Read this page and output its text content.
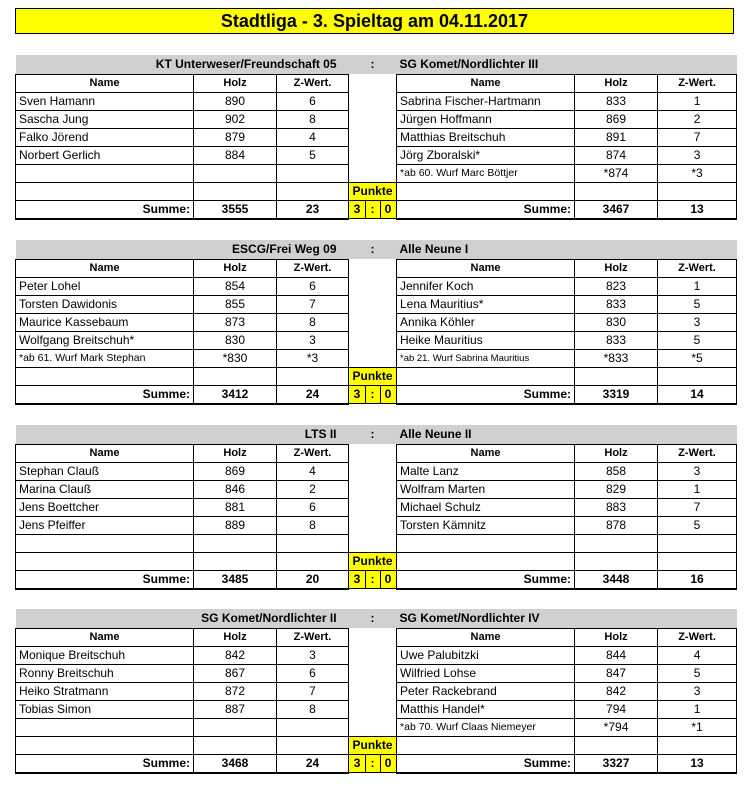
Stadtliga - 3. Spieltag am 04.11.2017
KT Unterweser/Freundschaft 05			:	SG Komet/Nordlichter III		
Name	Holz	Z-Wert.		Name	Holz	Z-Wert.
Sven Hamann	890	6		Sabrina Fischer-Hartmann	833	1
Sascha Jung	902	8		Jürgen Hoffmann	869	2
Falko Jörend	879	4		Matthias Breitschuh	891	7
Norbert Gerlich	884	5		Jörg Zboralski*	874	3
				*ab 60. Wurf Marc Böttjer	*874	*3
			Punkte			
Summe:	3555	23	3 : 0	Summe:	3467	13
ESCG/Frei Weg 09			:	Alle Neune I		
Name	Holz	Z-Wert.		Name	Holz	Z-Wert.
Peter Lohel	854	6		Jennifer Koch	823	1
Torsten Dawidonis	855	7		Lena Mauritius*	833	5
Maurice Kassebaum	873	8		Annika Köhler	830	3
Wolfgang Breitschuh*	830	3		Heike Mauritius	833	5
*ab 61. Wurf Mark Stephan	*830	*3		*ab 21. Wurf Sabrina Mauritius	*833	*5
			Punkte			
Summe:	3412	24	3 : 0	Summe:	3319	14
LTS II			:	Alle Neune II		
Name	Holz	Z-Wert.		Name	Holz	Z-Wert.
Stephan Clauß	869	4		Malte Lanz	858	3
Marina Clauß	846	2		Wolfram Marten	829	1
Jens Boettcher	881	6		Michael Schulz	883	7
Jens Pfeiffer	889	8		Torsten Kämnitz	878	5

			Punkte			
Summe:	3485	20	3 : 0	Summe:	3448	16
SG Komet/Nordlichter II			:	SG Komet/Nordlichter IV		
Name	Holz	Z-Wert.		Name	Holz	Z-Wert.
Monique Breitschuh	842	3		Uwe Palubitzki	844	4
Ronny Breitschuh	867	6		Wilfried Lohse	847	5
Heiko Stratmann	872	7		Peter Rackebrand	842	3
Tobias Simon	887	8		Matthis Handel*	794	1
				*ab 70. Wurf Claas Niemeyer	*794	*1
			Punkte			
Summe:	3468	24	3 : 0	Summe:	3327	13
